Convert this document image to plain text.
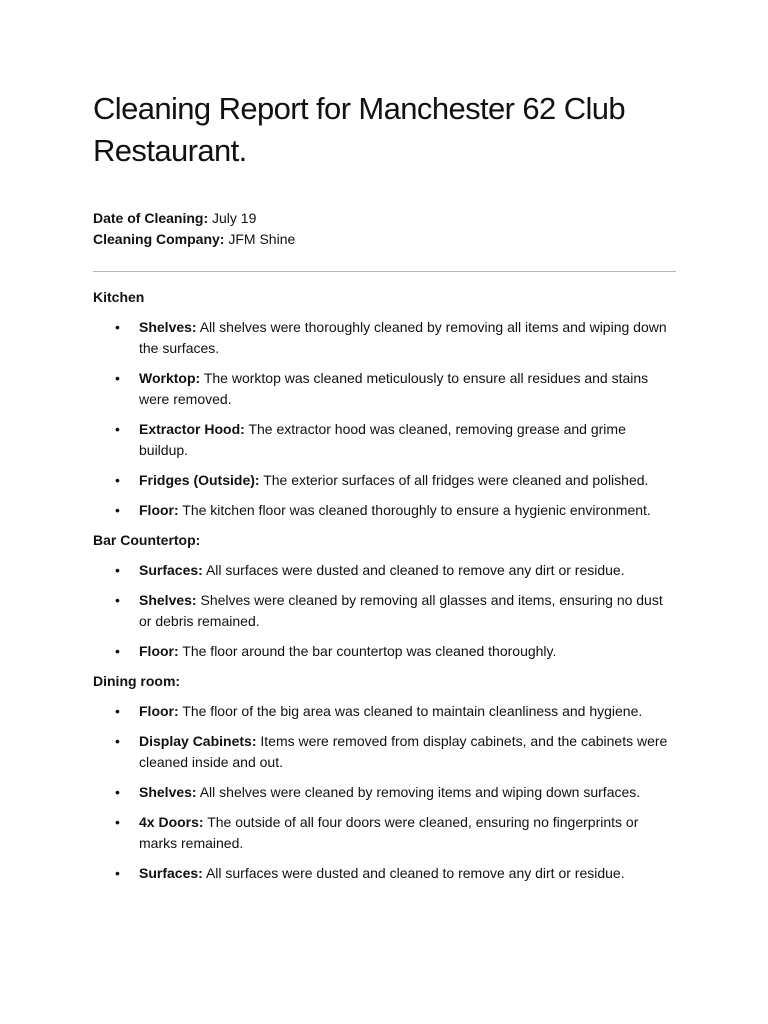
Cleaning Report for Manchester 62 Club Restaurant.
Date of Cleaning: July 19
Cleaning Company: JFM Shine

Kitchen

• Shelves: All shelves were thoroughly cleaned by removing all items and wiping down the surfaces.
• Worktop: The worktop was cleaned meticulously to ensure all residues and stains were removed.
• Extractor Hood: The extractor hood was cleaned, removing grease and grime buildup.
• Fridges (Outside): The exterior surfaces of all fridges were cleaned and polished.
• Floor: The kitchen floor was cleaned thoroughly to ensure a hygienic environment.

Bar Countertop:

• Surfaces: All surfaces were dusted and cleaned to remove any dirt or residue.
• Shelves: Shelves were cleaned by removing all glasses and items, ensuring no dust or debris remained.
• Floor: The floor around the bar countertop was cleaned thoroughly.

Dining room:

• Floor: The floor of the big area was cleaned to maintain cleanliness and hygiene.
• Display Cabinets: Items were removed from display cabinets, and the cabinets were cleaned inside and out.
• Shelves: All shelves were cleaned by removing items and wiping down surfaces.
• 4x Doors: The outside of all four doors were cleaned, ensuring no fingerprints or marks remained.
• Surfaces: All surfaces were dusted and cleaned to remove any dirt or residue.
